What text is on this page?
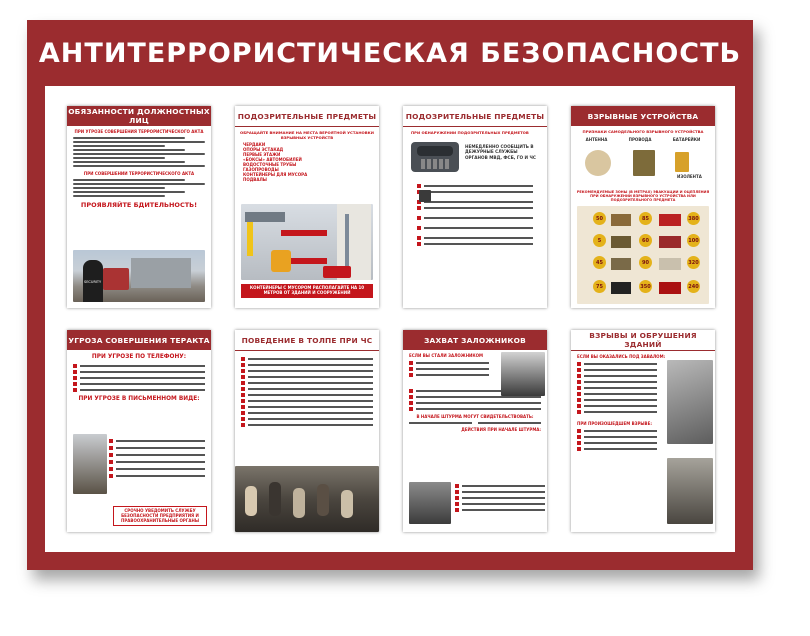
АНТИТЕРРОРИСТИЧЕСКАЯ БЕЗОПАСНОСТЬ
ОБЯЗАННОСТИ ДОЛЖНОСТНЫХ ЛИЦ
ПРИ УГРОЗЕ СОВЕРШЕНИЯ ТЕРРОРИСТИЧЕСКОГО АКТА
ПРИ СОВЕРШЕНИИ ТЕРРОРИСТИЧЕСКОГО АКТА
ПРОЯВЛЯЙТЕ БДИТЕЛЬНОСТЬ!
SECURITY
ПОДОЗРИТЕЛЬНЫЕ ПРЕДМЕТЫ
ОБРАЩАЙТЕ ВНИМАНИЕ НА МЕСТА ВЕРОЯТНОЙ УСТАНОВКИ ВЗРЫВНЫХ УСТРОЙСТВ
ЧЕРДАКИ
ОПОРЫ ЭСТАКАД
ПЕРВЫЕ ЭТАЖИ
«БОКСЫ» АВТОМОБИЛЕЙ
ВОДОСТОЧНЫЕ ТРУБЫ
ГАЗОПРОВОДЫ
КОНТЕЙНЕРЫ ДЛЯ МУСОРА
ПОДВАЛЫ
КОНТЕЙНЕРЫ С МУСОРОМ РАСПОЛАГАЙТЕ НА 10 МЕТРОВ ОТ ЗДАНИЙ И СООРУЖЕНИЙ
ПОДОЗРИТЕЛЬНЫЕ ПРЕДМЕТЫ
ПРИ ОБНАРУЖЕНИИ ПОДОЗРИТЕЛЬНЫХ ПРЕДМЕТОВ
НЕМЕДЛЕННО СООБЩИТЬ В ДЕЖУРНЫЕ СЛУЖБЫ ОРГАНОВ МВД, ФСБ, ГО И ЧС
ВЗРЫВНЫЕ УСТРОЙСТВА
ПРИЗНАКИ САМОДЕЛЬНОГО ВЗРЫВНОГО УСТРОЙСТВА
АНТЕННА	ПРОВОДА	БАТАРЕЙКИ
ИЗОЛЕНТА
РЕКОМЕНДУЕМЫЕ ЗОНЫ (В МЕТРАХ) ЭВАКУАЦИИ И ОЦЕПЛЕНИЯ ПРИ ОБНАРУЖЕНИИ ВЗРЫВНОГО УСТРОЙСТВА ИЛИ ПОДОЗРИТЕЛЬНОГО ПРЕДМЕТА
50	85	380
5	60	100
45	90	320
75	350	240
УГРОЗА СОВЕРШЕНИЯ ТЕРАКТА
ПРИ УГРОЗЕ ПО ТЕЛЕФОНУ:
ПРИ УГРОЗЕ В ПИСЬМЕННОМ ВИДЕ:
СРОЧНО УВЕДОМИТЬ СЛУЖБУ БЕЗОПАСНОСТИ ПРЕДПРИЯТИЯ И ПРАВООХРАНИТЕЛЬНЫЕ ОРГАНЫ
ПОВЕДЕНИЕ В ТОЛПЕ ПРИ ЧС	ЗАХВАТ ЗАЛОЖНИКОВ
ЕСЛИ ВЫ СТАЛИ ЗАЛОЖНИКОМ
В НАЧАЛЕ ШТУРМА МОГУТ СВИДЕТЕЛЬСТВОВАТЬ:
ДЕЙСТВИЯ ПРИ НАЧАЛЕ ШТУРМА:
ВЗРЫВЫ И ОБРУШЕНИЯ ЗДАНИЙ
ЕСЛИ ВЫ ОКАЗАЛИСЬ ПОД ЗАВАЛОМ:
ПРИ ПРОИЗОШЕДШЕМ ВЗРЫВЕ:
